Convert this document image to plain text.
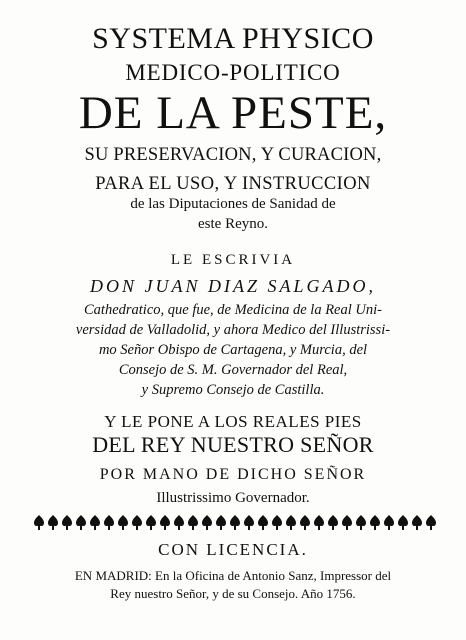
SYSTEMA PHYSICO
MEDICO-POLITICO
DE LA PESTE,
SU PRESERVACION, Y CURACION,
PARA EL USO, Y INSTRUCCION
de las Diputaciones de Sanidad de
este Reyno.
LE ESCRIVIA
DON JUAN DIAZ SALGADO,
Cathedratico, que fue, de Medicina de la Real Uni-
versidad de Valladolid, y ahora Medico del Illustrissi-
mo Señor Obispo de Cartagena, y Murcia, del
Consejo de S. M. Governador del Real,
y Supremo Consejo de Castilla.
Y LE PONE A LOS REALES PIES
DEL REY NUESTRO SEÑOR
POR MANO DE DICHO SEÑOR
Illustrissimo Governador.
CON LICENCIA.
EN MADRID: En la Oficina de Antonio Sanz, Impressor del
Rey nuestro Señor, y de su Consejo. Año 1756.
